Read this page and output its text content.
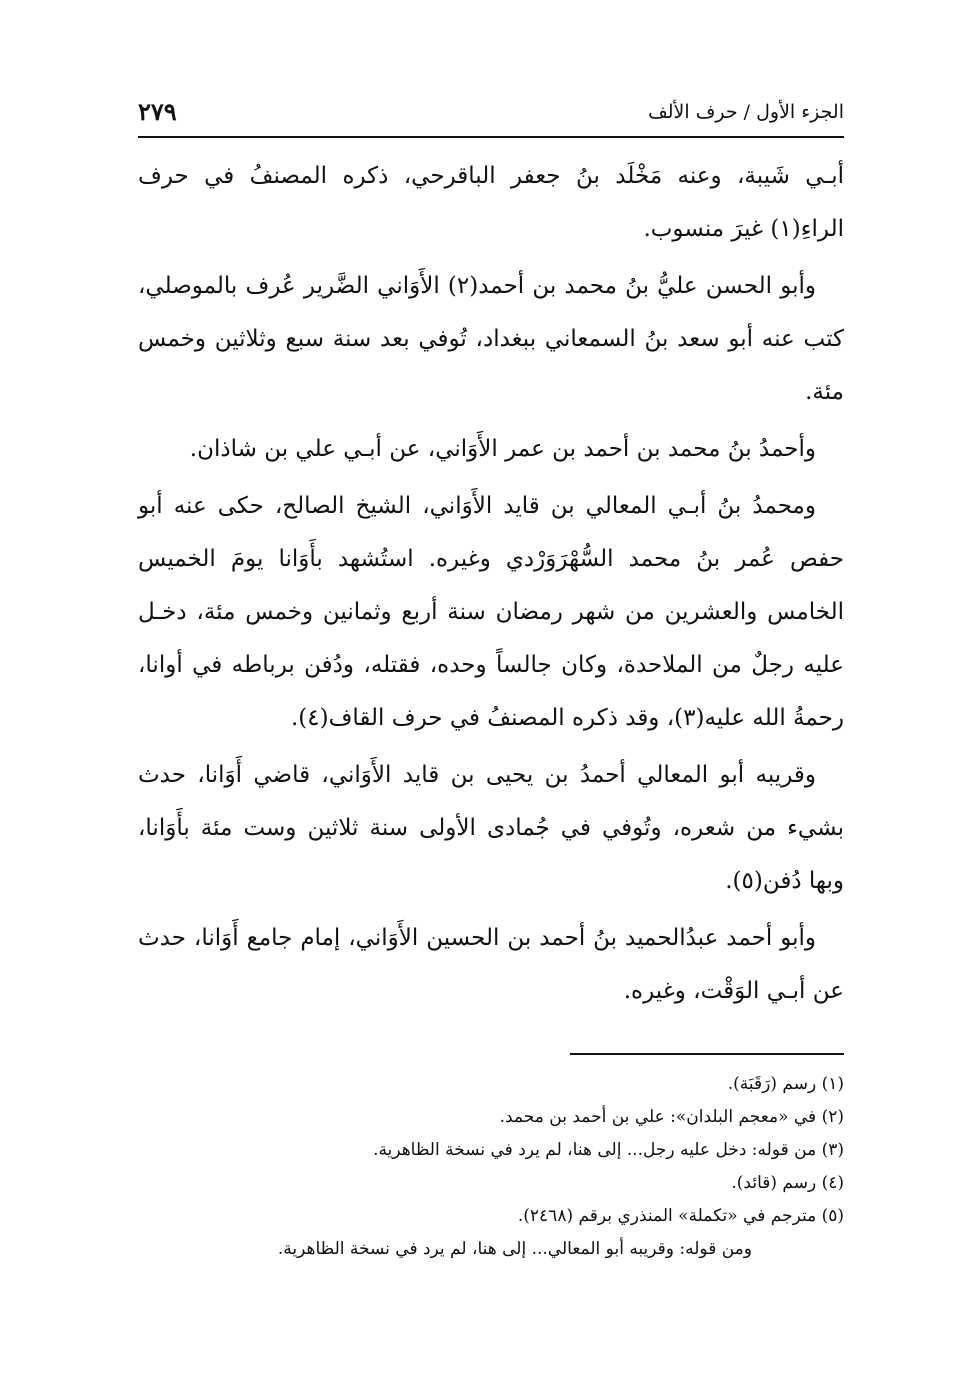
الجزء الأول / حرف الألف
٢٧٩

أبـي شَيبة، وعنه مَخْلَد بنُ جعفر الباقرحي، ذكره المصنفُ في حرف الراءِ(١) غيرَ منسوب.

وأبو الحسن عليُّ بنُ محمد بن أحمد(٢) الأَوَاني الضَّرير عُرف بالموصلي، كتب عنه أبو سعد بنُ السمعاني ببغداد، تُوفي بعد سنة سبع وثلاثين وخمس مئة.

وأحمدُ بنُ محمد بن أحمد بن عمر الأَوَاني، عن أبـي علي بن شاذان.

ومحمدُ بنُ أبـي المعالي بن قايد الأَوَاني، الشيخ الصالح، حكى عنه أبو حفص عُمر بنُ محمد السُّهْرَوَرْدي وغيره. استُشهد بأَوَانا يومَ الخميس الخامس والعشرين من شهر رمضان سنة أربع وثمانين وخمس مئة، دخـل عليه رجلٌ من الملاحدة، وكان جالساً وحده، فقتله، ودُفن برباطه في أوانا، رحمةُ الله عليه(٣)، وقد ذكره المصنفُ في حرف القاف(٤).

وقريبه أبو المعالي أحمدُ بن يحيى بن قايد الأَوَاني، قاضي أَوَانا، حدث بشيء من شعره، وتُوفي في جُمادى الأولى سنة ثلاثين وست مئة بأَوَانا، وبها دُفن(٥).

وأبو أحمد عبدُالحميد بنُ أحمد بن الحسين الأَوَاني، إمام جامع أَوَانا، حدث عن أبـي الوَقْت، وغيره.

(١) رسم (رَقَبَة).

(٢) في «معجم البلدان»: علي بن أحمد بن محمد.

(٣) من قوله: دخل عليه رجل... إلى هنا، لم يرد في نسخة الظاهرية.

(٤) رسم (قائد).

(٥) مترجم في «تكملة» المنذري برقم (٢٤٦٨).

ومن قوله: وقريبه أبو المعالي... إلى هنا، لم يرد في نسخة الظاهرية.
